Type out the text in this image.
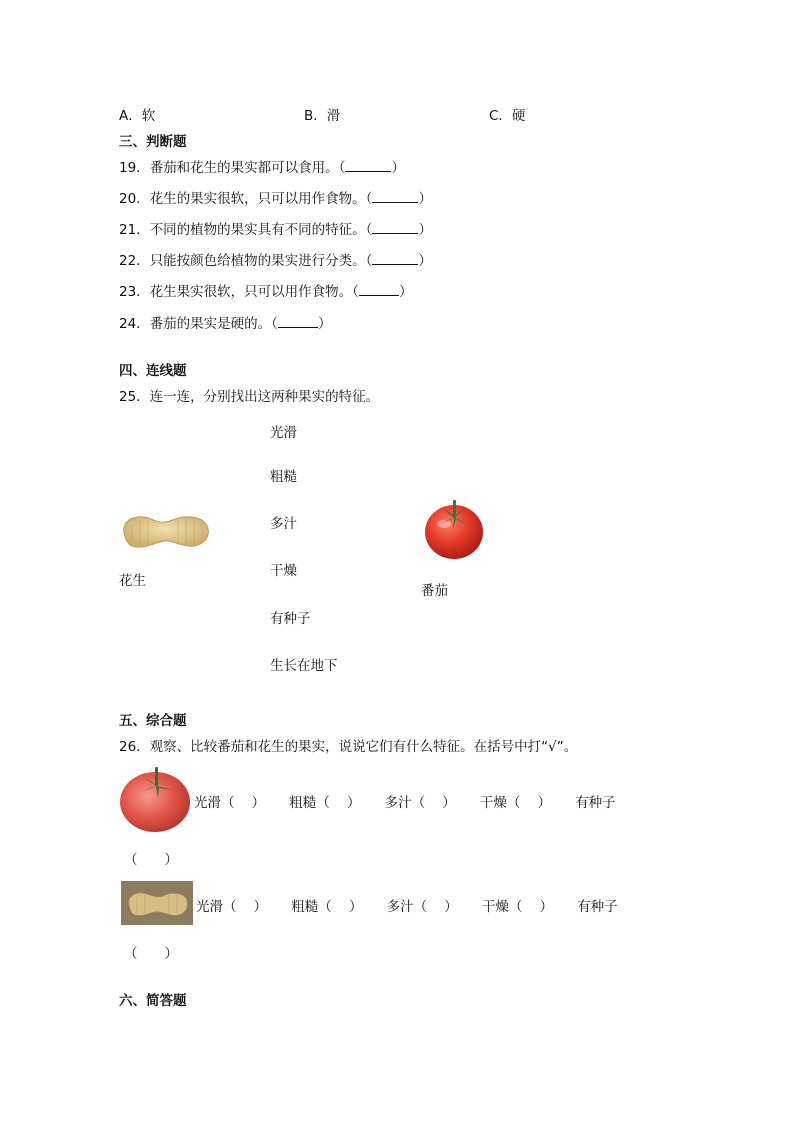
A．软	B．滑	C．硬
三、判断题
19．番茄和花生的果实都可以食用。（	）
20．花生的果实很软，只可以用作食物。（	）
21．不同的植物的果实具有不同的特征。（	）
22．只能按颜色给植物的果实进行分类。（	）
23．花生果实很软，只可以用作食物。（	）
24．番茄的果实是硬的。（	）
四、连线题
25．连一连，分别找出这两种果实的特征。
光滑
粗糙
多汁
干燥
有种子
生长在地下
花生
番茄
五、综合题
26．观察、比较番茄和花生的果实，说说它们有什么特征。在括号中打“√”。
光滑（ ） 粗糙（ ） 多汁（ ） 干燥（ ） 有种子
（　　）
光滑（ ） 粗糙（ ） 多汁（ ） 干燥（ ） 有种子
（　　）
六、简答题
